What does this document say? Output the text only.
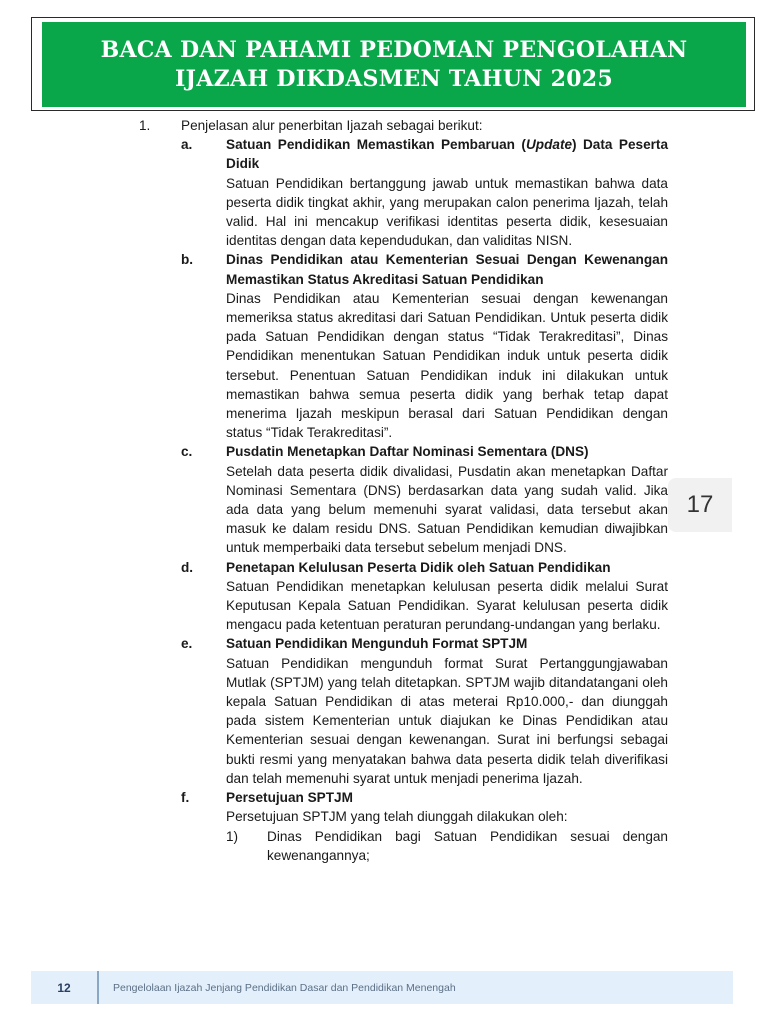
BACA DAN PAHAMI PEDOMAN PENGOLAHAN
IJAZAH DIKDASMEN TAHUN 2025
1. Penjelasan alur penerbitan Ijazah sebagai berikut:
a. Satuan Pendidikan Memastikan Pembaruan (Update) Data Peserta Didik
Satuan Pendidikan bertanggung jawab untuk memastikan bahwa data peserta didik tingkat akhir, yang merupakan calon penerima Ijazah, telah valid. Hal ini mencakup verifikasi identitas peserta didik, kesesuaian identitas dengan data kependudukan, dan validitas NISN.
b. Dinas Pendidikan atau Kementerian Sesuai Dengan Kewenangan Memastikan Status Akreditasi Satuan Pendidikan
Dinas Pendidikan atau Kementerian sesuai dengan kewenangan memeriksa status akreditasi dari Satuan Pendidikan. Untuk peserta didik pada Satuan Pendidikan dengan status “Tidak Terakreditasi”, Dinas Pendidikan menentukan Satuan Pendidikan induk untuk peserta didik tersebut. Penentuan Satuan Pendidikan induk ini dilakukan untuk memastikan bahwa semua peserta didik yang berhak tetap dapat menerima Ijazah meskipun berasal dari Satuan Pendidikan dengan status “Tidak Terakreditasi”.
c. Pusdatin Menetapkan Daftar Nominasi Sementara (DNS)
Setelah data peserta didik divalidasi, Pusdatin akan menetapkan Daftar Nominasi Sementara (DNS) berdasarkan data yang sudah valid. Jika ada data yang belum memenuhi syarat validasi, data tersebut akan masuk ke dalam residu DNS. Satuan Pendidikan kemudian diwajibkan untuk memperbaiki data tersebut sebelum menjadi DNS.
d. Penetapan Kelulusan Peserta Didik oleh Satuan Pendidikan
Satuan Pendidikan menetapkan kelulusan peserta didik melalui Surat Keputusan Kepala Satuan Pendidikan. Syarat kelulusan peserta didik mengacu pada ketentuan peraturan perundang-undangan yang berlaku.
e. Satuan Pendidikan Mengunduh Format SPTJM
Satuan Pendidikan mengunduh format Surat Pertanggungjawaban Mutlak (SPTJM) yang telah ditetapkan. SPTJM wajib ditandatangani oleh kepala Satuan Pendidikan di atas meterai Rp10.000,- dan diunggah pada sistem Kementerian untuk diajukan ke Dinas Pendidikan atau Kementerian sesuai dengan kewenangan. Surat ini berfungsi sebagai bukti resmi yang menyatakan bahwa data peserta didik telah diverifikasi dan telah memenuhi syarat untuk menjadi penerima Ijazah.
f.	Persetujuan SPTJM
Persetujuan SPTJM yang telah diunggah dilakukan oleh:
1) Dinas Pendidikan bagi Satuan Pendidikan sesuai dengan kewenangannya;
17
12	Pengelolaan Ijazah Jenjang Pendidikan Dasar dan Pendidikan Menengah
